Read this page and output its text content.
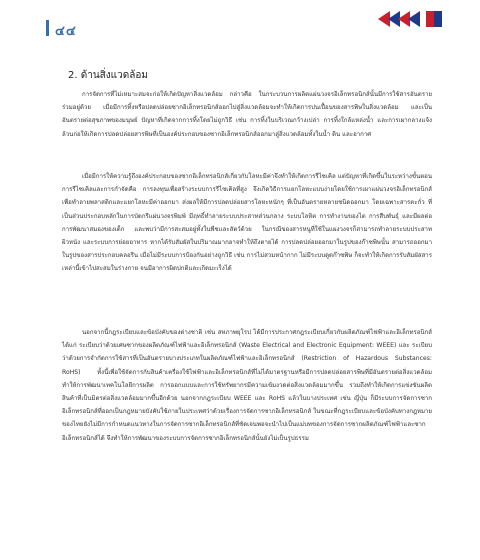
๔๔
2. ด้านสิ่งแวดล้อม
การจัดการที่ไม่เหมาะสมจะก่อให้เกิดปัญหาสิ่งแวดล้อม กล่าวคือ ในกระบวนการผลิตแผ่นวงจรอิเล็กทรอนิกส์นั้นมีการใช้สารอันตรายร่วมอยู่ด้วย เมื่อมีการทิ้งหรือปลดปล่อยซากอิเล็กทรอนิกส์ออกไปสู่สิ่งแวดล้อมจะทำให้เกิดการปนเปื้อนของสารพิษในสิ่งแวดล้อม และเป็นอันตรายต่อสุขภาพของมนุษย์ ปัญหาที่เกิดจากการทิ้งโดยไม่ถูกวิธี เช่น การทิ้งในบริเวณกว้างเปล่า การทิ้งใกล้แหล่งน้ำ และการเผากลางแจ้ง ล้วนก่อให้เกิดการปลดปล่อยสารพิษที่เป็นองค์ประกอบของซากอิเล็กทรอนิกส์ออกมาสู่สิ่งแวดล้อมทั้งในน้ำ ดิน และอากาศ
เมื่อมีการให้ความรู้ถึงองค์ประกอบของซากอิเล็กทรอนิกส์เกี่ยวกับโลหะมีค่าจึงทำให้เกิดการรีไซเคิล แต่ปัญหาที่เกิดขึ้นในระหว่างขั้นตอนการรีไซเคิลและการกำจัดคือ การลงทุนเพื่อสร้างระบบการรีไซเคิลที่สูง จึงเกิดวิธีการแยกโลหะแบบง่ายโดยใช้การเผาแผ่นวงจรอิเล็กทรอนิกส์เพื่อทำลายพลาสติกและแยกโลหะมีค่าออกมา ส่งผลให้มีการปลดปล่อยสารโลหะหนักๆ ที่เป็นอันตรายหลายชนิดออกมา โดยเฉพาะสารตะกั่ว ที่เป็นส่วนประกอบหลักในการบัดกรีแผ่นวงจรพิมพ์ มีฤทธิ์ทำลายระบบประสาทส่วนกลาง ระบบโลหิต การทำงานของไต การสืบพันธุ์ และมีผลต่อการพัฒนาสมองของเด็ก และพบว่ามีการสะสมอยู่ทั้งในพืชและสัตว์ด้วย ในกรณีของสารหนูที่ใช้ในแผงวงจรก็สามารถทำลายระบบประสาท ผิวหนัง และระบบการย่อยอาหาร หากได้รับสัมผัสในปริมาณมากอาจทำให้ถึงตายได้ การปลดปล่อยออกมาในรูปของก๊าซพิษนั้น สามารถออกมาในรูปของสารประกอบคลอรีน เมื่อไม่มีระบบการป้องกันอย่างถูกวิธี เช่น การไม่สวมหน้ากาก ไม่มีระบบดูดก๊าซพิษ ก็จะทำให้เกิดการรับสัมผัสสารเหล่านี้เข้าไปสะสมในร่างกาย จนมีอาการผิดปกติและเกิดมะเร็งได้
นอกจากนี้กฎระเบียบและข้อบังคับของต่างชาติ เช่น สหภาพยุโรป ได้มีการประกาศกฎระเบียบเกี่ยวกับผลิตภัณฑ์ไฟฟ้าและอิเล็กทรอนิกส์ ได้แก่ ระเบียบว่าด้วยเศษซากของผลิตภัณฑ์ไฟฟ้าและอิเล็กทรอนิกส์ (Waste Electrical and Electronic Equipment: WEEE) และ ระเบียบว่าด้วยการจำกัดการใช้สารที่เป็นอันตรายบางประเภทในผลิตภัณฑ์ไฟฟ้าและอิเล็กทรอนิกส์ (Restriction of Hazardous Substances: RoHS) ทั้งนี้เพื่อใช้จัดการกับสินค้าเครื่องใช้ไฟฟ้าและอิเล็กทรอนิกส์ที่ไม่ได้มาตรฐานหรือมีการปลดปล่อยสารพิษที่มีอันตรายต่อสิ่งแวดล้อม ทำให้การพัฒนาเทคโนโลยีการผลิต การออกแบบและการใช้ทรัพยากรมีความเข้มงวดต่อสิ่งแวดล้อมมากขึ้น รวมถึงทำให้เกิดการแข่งขันผลิตสินค้าที่เป็นมิตรต่อสิ่งแวดล้อมมากขึ้นอีกด้วย นอกจากกฎระเบียบ WEEE และ RoHS แล้วในบางประเทศ เช่น ญี่ปุ่น ก็มีระบบการจัดการซากอิเล็กทรอนิกส์ที่ออกเป็นกฎหมายบังคับใช้ภายในประเทศว่าด้วยเรื่องการจัดการซากอิเล็กทรอนิกส์ ในขณะที่กฎระเบียบและข้อบังคับทางกฎหมายของไทยยังไม่มีการกำหนดแนวทางในการจัดการซากอิเล็กทรอนิกส์ที่ชัดเจนพอจะนำไปเป็นแม่บทของการจัดการซากผลิตภัณฑ์ไฟฟ้าและซากอิเล็กทรอนิกส์ได้ จึงทำให้การพัฒนาของระบบการจัดการซากอิเล็กทรอนิกส์นั้นยังไม่เป็นรูปธรรม
